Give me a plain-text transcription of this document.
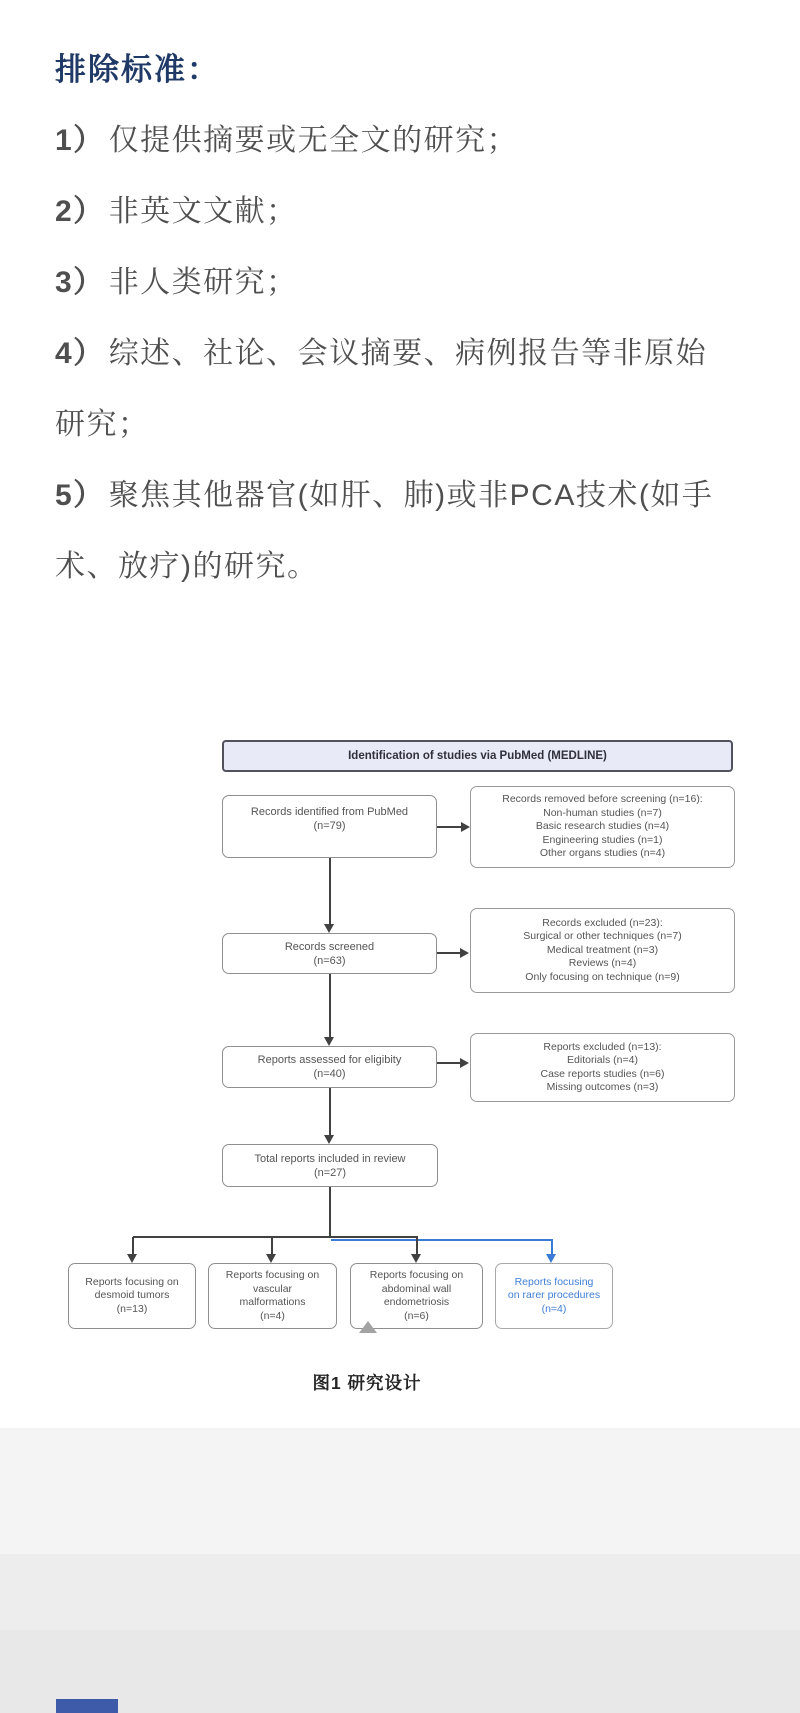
排除标准：

1） 仅提供摘要或无全文的研究；

2） 非英文文献；

3） 非人类研究；

4） 综述、社论、会议摘要、病例报告等非原始

研究；

5） 聚焦其他器官(如肝、肺)或非PCA技术(如手

术、放疗)的研究。

Identification of studies via PubMed (MEDLINE)
Records identified from PubMed
(n=79)
Records screened
(n=63)
Reports assessed for eligibity
(n=40)
Total reports included in review
(n=27)
Records removed before screening (n=16):
Non-human studies (n=7)
Basic research studies (n=4)
Engineering studies (n=1)
Other organs studies (n=4)
Records excluded (n=23):
Surgical or other techniques (n=7)
Medical treatment (n=3)
Reviews (n=4)
Only focusing on technique (n=9)
Reports excluded (n=13):
Editorials (n=4)
Case reports studies (n=6)
Missing outcomes (n=3)
Reports focusing on
desmoid tumors
(n=13)
Reports focusing on
vascular
malformations
(n=4)
Reports focusing on
abdominal wall
endometriosis
(n=6)
Reports focusing
on rarer procedures
(n=4)
图1 研究设计
